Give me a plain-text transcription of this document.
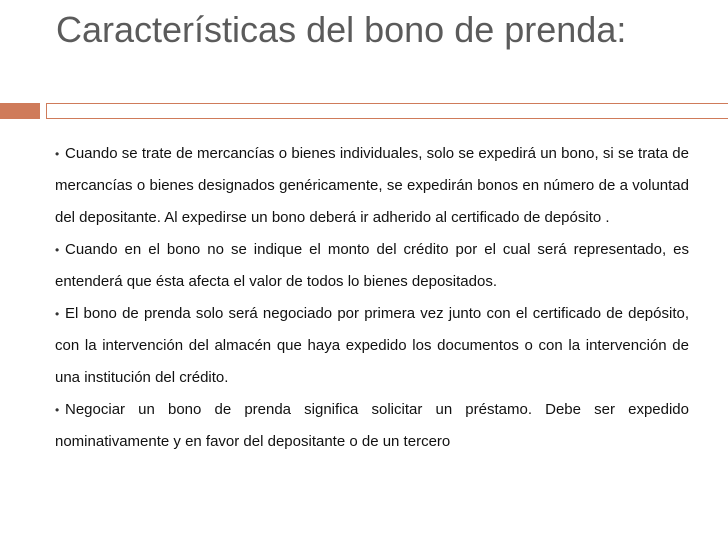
Características del bono de prenda:
• Cuando se trate de mercancías o bienes individuales, solo se expedirá un bono, si se trata de mercancías o bienes designados genéricamente, se expedirán bonos en número de a voluntad del depositante. Al expedirse un bono deberá ir adherido al certificado de depósito .
• Cuando en el bono no se indique el monto del crédito por el cual será representado, es entenderá que ésta afecta el valor de todos lo bienes depositados.
• El bono de prenda solo será negociado por primera vez junto con el certificado de depósito, con la intervención del almacén que haya expedido los documentos o con la intervención de una institución del crédito.
• Negociar un bono de prenda significa solicitar un préstamo. Debe ser expedido nominativamente y en favor del depositante o de un tercero
